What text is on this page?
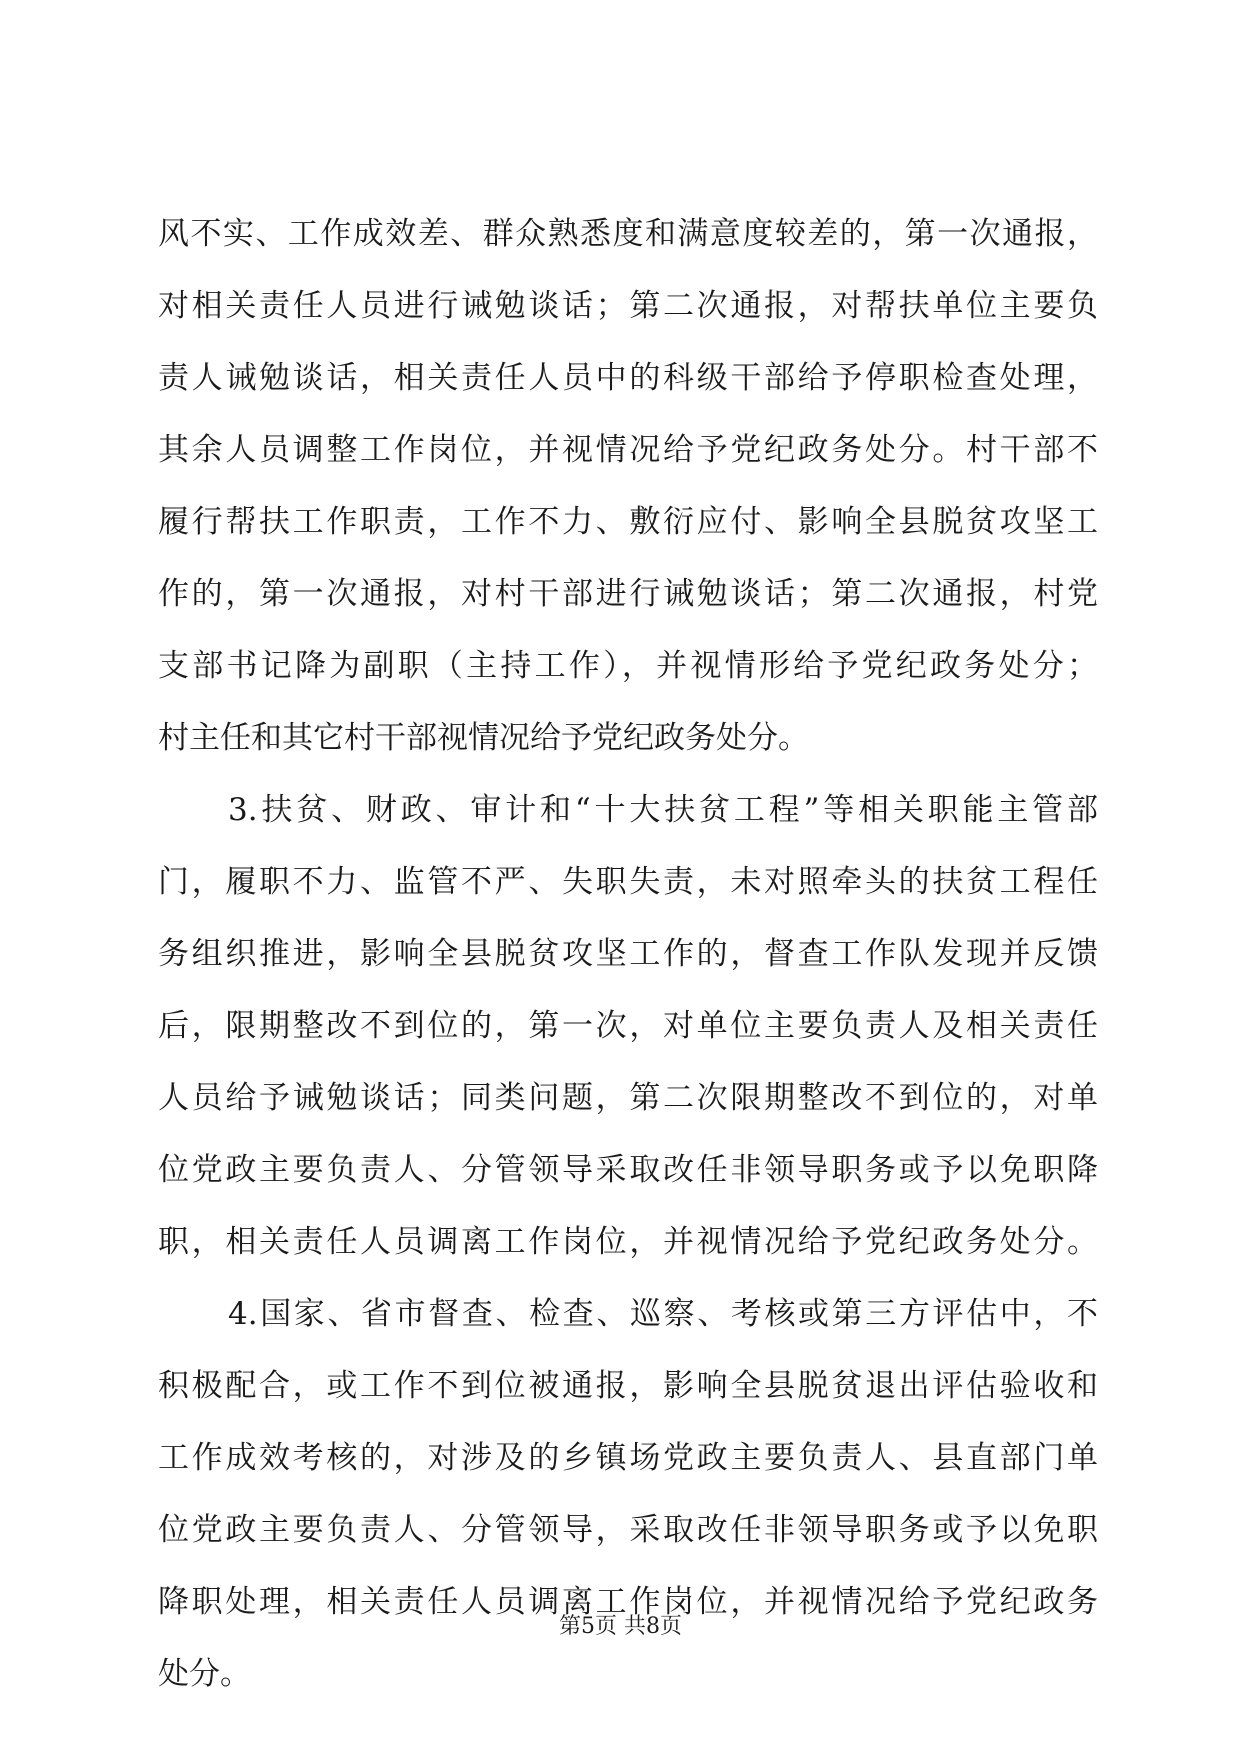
风不实、工作成效差、群众熟悉度和满意度较差的，第一次通报，
对相关责任人员进行诫勉谈话；第二次通报，对帮扶单位主要负
责人诫勉谈话，相关责任人员中的科级干部给予停职检查处理，
其余人员调整工作岗位，并视情况给予党纪政务处分。村干部不
履行帮扶工作职责，工作不力、敷衍应付、影响全县脱贫攻坚工
作的，第一次通报，对村干部进行诫勉谈话；第二次通报，村党
支部书记降为副职（主持工作），并视情形给予党纪政务处分；
村主任和其它村干部视情况给予党纪政务处分。
3.扶贫、财政、审计和“十大扶贫工程”等相关职能主管部
门，履职不力、监管不严、失职失责，未对照牵头的扶贫工程任
务组织推进，影响全县脱贫攻坚工作的，督查工作队发现并反馈
后，限期整改不到位的，第一次，对单位主要负责人及相关责任
人员给予诫勉谈话；同类问题，第二次限期整改不到位的，对单
位党政主要负责人、分管领导采取改任非领导职务或予以免职降
职，相关责任人员调离工作岗位，并视情况给予党纪政务处分。
4.国家、省市督查、检查、巡察、考核或第三方评估中，不
积极配合，或工作不到位被通报，影响全县脱贫退出评估验收和
工作成效考核的，对涉及的乡镇场党政主要负责人、县直部门单
位党政主要负责人、分管领导，采取改任非领导职务或予以免职
降职处理，相关责任人员调离工作岗位，并视情况给予党纪政务
处分。
第5页 共8页
